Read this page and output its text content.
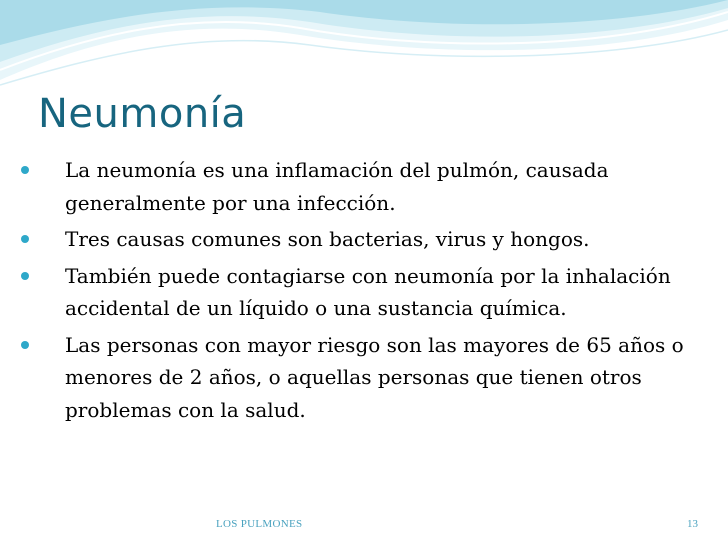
Neumonía
La neumonía es una inflamación del pulmón, causada generalmente por una infección.
Tres causas comunes son bacterias, virus y hongos.
También puede contagiarse con neumonía por la inhalación accidental de un líquido o una sustancia química.
Las personas con mayor riesgo son las mayores de 65 años o menores de 2 años, o aquellas personas que tienen otros problemas con la salud.
LOS PULMONES	13
